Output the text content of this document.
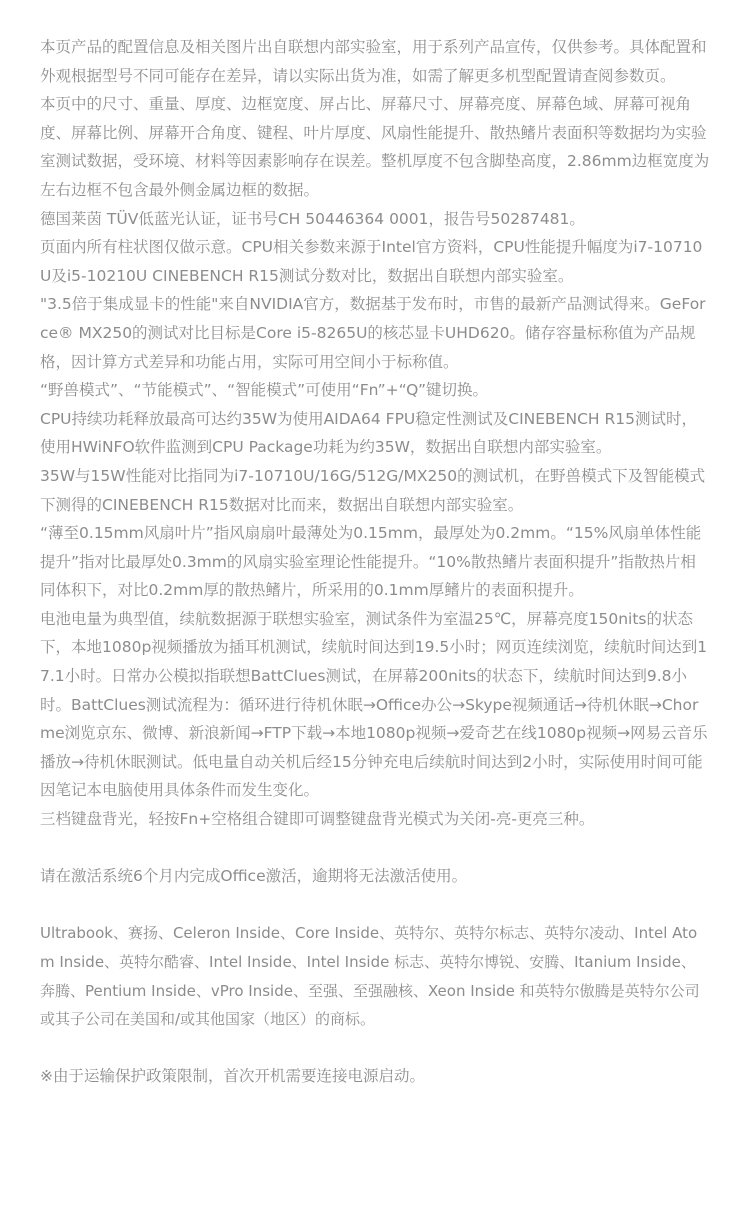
本页产品的配置信息及相关图片出自联想内部实验室，用于系列产品宣传，仅供参考。具体配置和外观根据型号不同可能存在差异，请以实际出货为准，如需了解更多机型配置请查阅参数页。

本页中的尺寸、重量、厚度、边框宽度、屏占比、屏幕尺寸、屏幕亮度、屏幕色域、屏幕可视角度、屏幕比例、屏幕开合角度、键程、叶片厚度、风扇性能提升、散热鳍片表面积等数据均为实验室测试数据，受环境、材料等因素影响存在误差。整机厚度不包含脚垫高度，2.86mm边框宽度为左右边框不包含最外侧金属边框的数据。

德国莱茵 TÜV低蓝光认证，证书号CH 50446364 0001，报告号50287481。

页面内所有柱状图仅做示意。CPU相关参数来源于Intel官方资料，CPU性能提升幅度为i7-10710U及i5-10210U CINEBENCH R15测试分数对比，数据出自联想内部实验室。

"3.5倍于集成显卡的性能"来自NVIDIA官方，数据基于发布时，市售的最新产品测试得来。GeForce® MX250的测试对比目标是Core i5-8265U的核芯显卡UHD620。储存容量标称值为产品规格，因计算方式差异和功能占用，实际可用空间小于标称值。

“野兽模式”、“节能模式”、“智能模式”可使用“Fn”+“Q”键切换。

CPU持续功耗释放最高可达约35W为使用AIDA64 FPU稳定性测试及CINEBENCH R15测试时，使用HWiNFO软件监测到CPU Package功耗为约35W，数据出自联想内部实验室。

35W与15W性能对比指同为i7-10710U/16G/512G/MX250的测试机，在野兽模式下及智能模式下测得的CINEBENCH R15数据对比而来，数据出自联想内部实验室。

“薄至0.15mm风扇叶片”指风扇扇叶最薄处为0.15mm，最厚处为0.2mm。“15%风扇单体性能提升”指对比最厚处0.3mm的风扇实验室理论性能提升。“10%散热鳍片表面积提升”指散热片相同体积下，对比0.2mm厚的散热鳍片，所采用的0.1mm厚鳍片的表面积提升。

电池电量为典型值，续航数据源于联想实验室，测试条件为室温25℃，屏幕亮度150nits的状态下，本地1080p视频播放为插耳机测试，续航时间达到19.5小时；网页连续浏览，续航时间达到17.1小时。日常办公模拟指联想BattClues测试，在屏幕200nits的状态下，续航时间达到9.8小时。BattClues测试流程为：循环进行待机休眠→Office办公→Skype视频通话→待机休眠→Chorme浏览京东、微博、新浪新闻→FTP下载→本地1080p视频→爱奇艺在线1080p视频→网易云音乐播放→待机休眠测试。低电量自动关机后经15分钟充电后续航时间达到2小时，实际使用时间可能因笔记本电脑使用具体条件而发生变化。

三档键盘背光，轻按Fn+空格组合键即可调整键盘背光模式为关闭-亮-更亮三种。

请在激活系统6个月内完成Office激活，逾期将无法激活使用。

Ultrabook、赛扬、Celeron Inside、Core Inside、英特尔、英特尔标志、英特尔凌动、Intel Atom Inside、英特尔酷睿、Intel Inside、Intel Inside 标志、英特尔博锐、安腾、Itanium Inside、奔腾、Pentium Inside、vPro Inside、至强、至强融核、Xeon Inside 和英特尔傲腾是英特尔公司或其子公司在美国和/或其他国家（地区）的商标。

※由于运输保护政策限制，首次开机需要连接电源启动。
